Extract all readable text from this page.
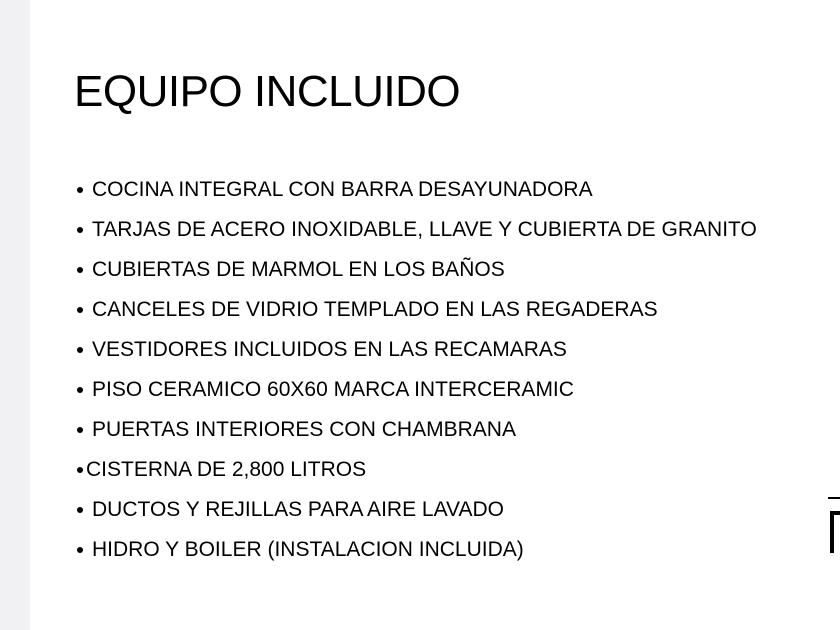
EQUIPO INCLUIDO
COCINA INTEGRAL CON BARRA DESAYUNADORA
TARJAS DE ACERO INOXIDABLE, LLAVE Y CUBIERTA DE GRANITO
CUBIERTAS DE MARMOL EN LOS BAÑOS
CANCELES DE VIDRIO TEMPLADO EN LAS REGADERAS
VESTIDORES INCLUIDOS EN LAS RECAMARAS
PISO CERAMICO 60X60 MARCA INTERCERAMIC
PUERTAS INTERIORES CON CHAMBRANA
CISTERNA DE 2,800 LITROS
DUCTOS Y REJILLAS PARA AIRE LAVADO
HIDRO Y BOILER (INSTALACION INCLUIDA)
